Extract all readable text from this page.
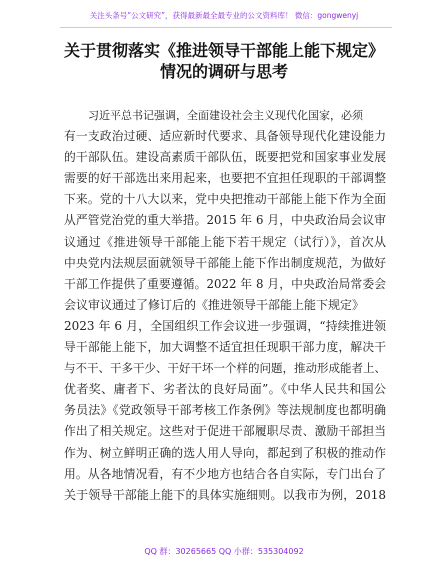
关注头条号“公文研究”，获得最新最全最专业的公文资料库！ 微信：gongwenyj
关于贯彻落实《推进领导干部能上能下规定》
情况的调研与思考
习近平总书记强调，全面建设社会主义现代化国家，必须
有一支政治过硬、适应新时代要求、具备领导现代化建设能力
的干部队伍。建设高素质干部队伍，既要把党和国家事业发展
需要的好干部选出来用起来，也要把不宜担任现职的干部调整
下来。党的十八大以来，党中央把推动干部能上能下作为全面
从严管党治党的重大举措。2015 年 6 月，中央政治局会议审
议通过《推进领导干部能上能下若干规定（试行）》，首次从
中央党内法规层面就领导干部能上能下作出制度规范，为做好
干部工作提供了重要遵循。2022 年 8 月，中央政治局常委会
会议审议通过了修订后的《推进领导干部能上能下规定》
2023 年 6 月，全国组织工作会议进一步强调，“持续推进领
导干部能上能下，加大调整不适宜担任现职干部力度，解决干
与不干、干多干少、干好干坏一个样的问题，推动形成能者上、
优者奖、庸者下、劣者汰的良好局面”。《中华人民共和国公
务员法》《党政领导干部考核工作条例》等法规制度也都明确
作出了相关规定。这些对于促进干部履职尽责、激励干部担当
作为、树立鲜明正确的选人用人导向，都起到了积极的推动作
用。从各地情况看，有不少地方也结合各自实际，专门出台了
关于领导干部能上能下的具体实施细则。以我市为例，2018
QQ 群：30265665 QQ 小群：535304092
